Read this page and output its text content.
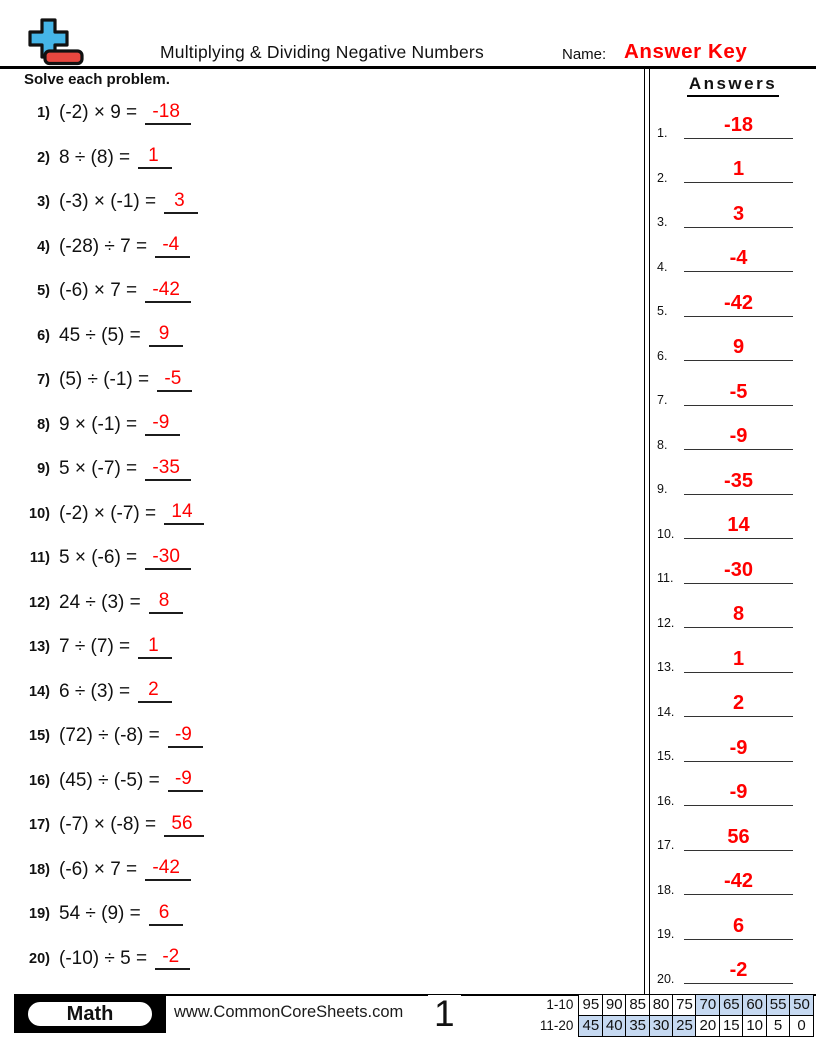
Multiplying & Dividing Negative Numbers	Name: Answer Key
Solve each problem.
1) (-2) × 9 = -18
2) 8 ÷ (8) = 1
3) (-3) × (-1) = 3
4) (-28) ÷ 7 = -4
5) (-6) × 7 = -42
6) 45 ÷ (5) = 9
7) (5) ÷ (-1) = -5
8) 9 × (-1) = -9
9) 5 × (-7) = -35
10) (-2) × (-7) = 14
11) 5 × (-6) = -30
12) 24 ÷ (3) = 8
13) 7 ÷ (7) = 1
14) 6 ÷ (3) = 2
15) (72) ÷ (-8) = -9
16) (45) ÷ (-5) = -9
17) (-7) × (-8) = 56
18) (-6) × 7 = -42
19) 54 ÷ (9) = 6
20) (-10) ÷ 5 = -2
Answers
1.	-18
2.	1
3.	3
4.	-4
5.	-42
6.	9
7.	-5
8.	-9
9.	-35
10.	14
11.	-30
12.	8
13.	1
14.	2
15.	-9
16.	-9
17.	56
18.	-42
19.	6
20.	-2
Math	www.CommonCoreSheets.com 1	1-10 95 90 85 80 75 70 65 60 55 50
11-20 45 40 35 30 25 20 15 10 5	0
